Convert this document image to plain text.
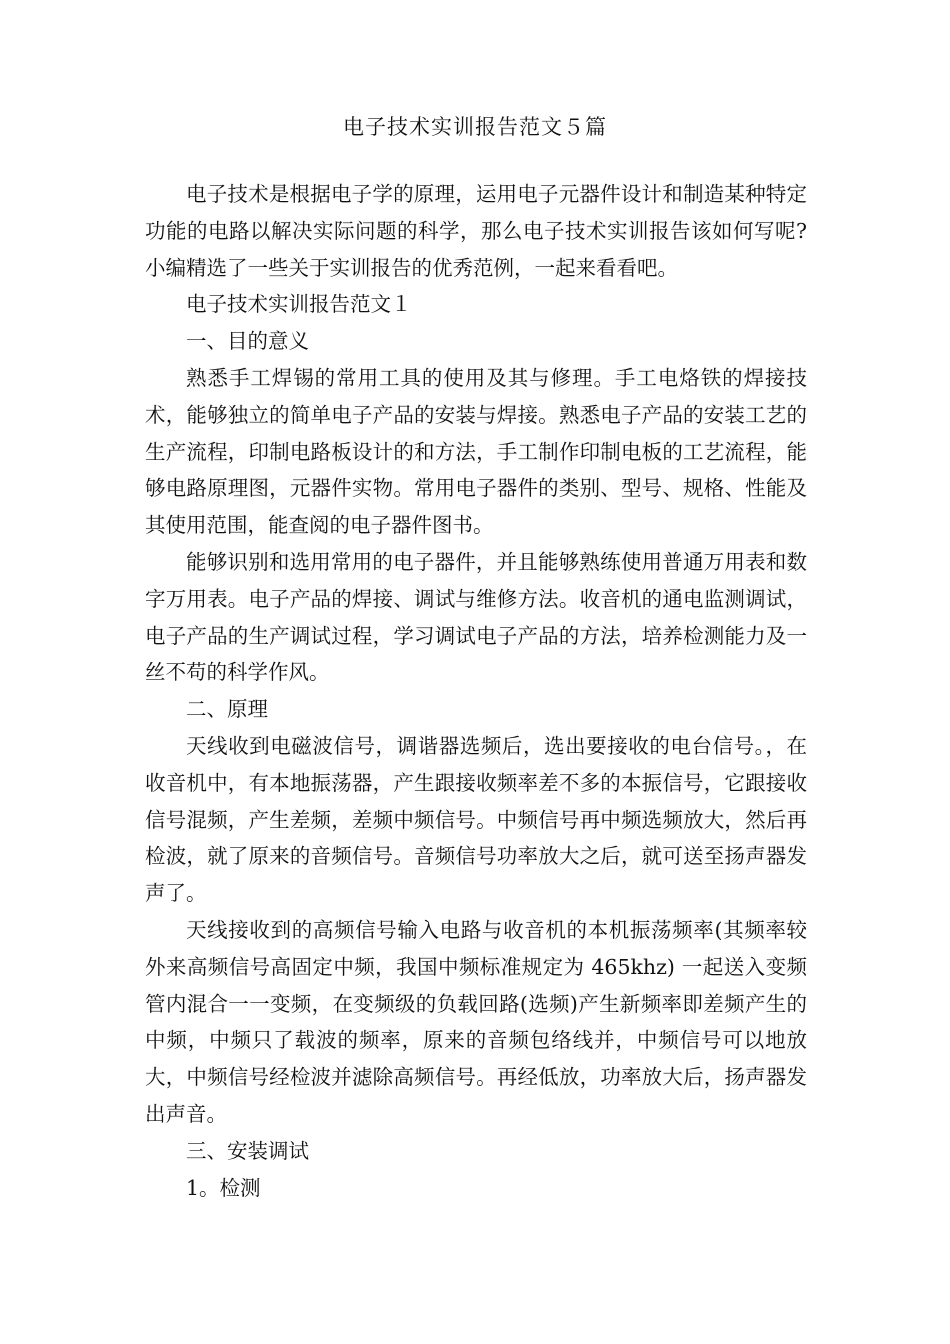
电子技术实训报告范文５篇

电子技术是根据电子学的原理，运用电子元器件设计和制造某种特定功能的电路以解决实际问题的科学，那么电子技术实训报告该如何写呢?小编精选了一些关于实训报告的优秀范例，一起来看看吧。

电子技术实训报告范文１

一、目的意义

熟悉手工焊锡的常用工具的使用及其与修理。手工电烙铁的焊接技术，能够独立的简单电子产品的安装与焊接。熟悉电子产品的安装工艺的生产流程，印制电路板设计的和方法，手工制作印制电板的工艺流程，能够电路原理图，元器件实物。常用电子器件的类别、型号、规格、性能及其使用范围，能查阅的电子器件图书。

能够识别和选用常用的电子器件，并且能够熟练使用普通万用表和数字万用表。电子产品的焊接、调试与维修方法。收音机的通电监测调试，电子产品的生产调试过程，学习调试电子产品的方法，培养检测能力及一丝不苟的科学作风。

二、原理

天线收到电磁波信号，调谐器选频后，选出要接收的电台信号。，在收音机中，有本地振荡器，产生跟接收频率差不多的本振信号，它跟接收信号混频，产生差频，差频中频信号。中频信号再中频选频放大，然后再检波，就了原来的音频信号。音频信号功率放大之后，就可送至扬声器发声了。

天线接收到的高频信号输入电路与收音机的本机振荡频率(其频率较外来高频信号高固定中频，我国中频标准规定为 465khz) 一起送入变频管内混合一一变频，在变频级的负载回路(选频)产生新频率即差频产生的中频，中频只了载波的频率，原来的音频包络线并，中频信号可以地放大，中频信号经检波并滤除高频信号。再经低放，功率放大后，扬声器发出声音。

三、安装调试

1。检测
